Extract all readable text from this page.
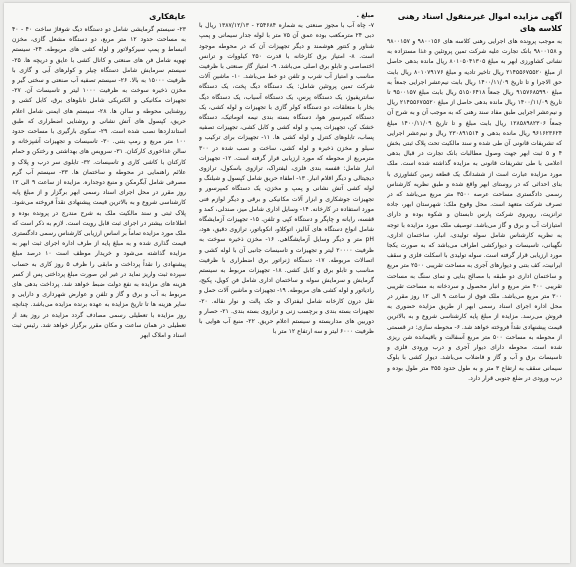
آگهی مزایده اموال غیرمنقول اسناد رهنی کلاسه های

به موجب پرونده های اجرایی رهنی کلاسه های ۹۸۰۰۱۵۶ و ۹۸۰۰۱۵۷ و ۹۸۰۰۱۵۸ بانک تجارت علیه شرکت تمین پروتئین و غذا مستزاده به نشانی کشاورزی ابهر به مبلغ ۸۰۱۰۵۰۴۱۳۰۵ ریال مانده بدهی حاصل از مبلغ ۲۱۴۵۵۶۷۵۵۲۰ ریال تاخیر تادیه و مبلغ ۸۰۱۰۷۹۱۷۶ ریال بابت حق الاجرا و تا تاریخ ۱۴۰۰/۱۱/۰۹ ریال بابت نیم‌عشر اجرایی جمعاً به مبلغ ۹۱۵۷۶۸۵۹۹۰ ریال جمعاً ۵۱۵۰۶۴۱۸ ریال بابت مبلغ ۹۵۰۰۱۵۷ تا تاریخ ۱۴۰۰/۱۱/۰۹ ریال مانده بدهی حاصل از مبلغ ۲۱۴۵۵۶۷۵۵۲۰ ریال و نیم‌عشر اجرایی طبق مفاد سند رهنی که به موجب آن و به شرح آن جمعاً ۱۲۸۵۸۹۸۲۳۰۶ ریال بابت مبلغ و تا تاریخ ۱۴۰۰/۱۱/۰۹ مبلغ ۹۶۱۶۲۳۶۲۴ ریال مانده بدهی و ۲۳۰۸۹۱۵۱۴ ریال و نیم‌عشر اجرایی که تشریفات قانونی آن طی شده و سند مالکیت تحت پلاک ثبتی بخش ۴ و ۵ ثبت ابهر جهت وصول مطالبات بانک تجارت در قبال بدهی اعلامی با طی تشریفات قانونی به مزایده گذاشته شده است. ملک مورد مزایده عبارت است از ششدانگ یک قطعه زمین کشاورزی با بنای احداثی که در روستای ابهر واقع شده و طبق نظریه کارشناس رسمی دادگستری مساحت عرصه ۳۵۰۰ متر مربع می‌باشد که در تصرف شرکت متعهد است. محل وقوع ملک: شهرستان ابهر، جاده ترانزیت، روبروی شرکت پارس تابستان و شکوه بوده و دارای امتیازات آب و برق و گاز می‌باشد. توصیف ملک مورد مزایده با توجه به نظریه کارشناس شامل سوله تولیدی، انبار، ساختمان اداری، نگهبانی، تاسیسات و دیوارکشی اطراف می‌باشد که به صورت یکجا مورد ارزیابی قرار گرفته است. سوله تولیدی با اسکلت فلزی و سقف ایرانیت، کف بتنی و دیوارهای آجری به مساحت تقریبی ۲۵۰۰ متر مربع و ساختمان اداری دو طبقه با مصالح بنایی و نمای سنگ به مساحت تقریبی ۴۰۰ متر مربع و انبار محصول و سردخانه به مساحت تقریبی ۳۰۰ متر مربع می‌باشد. ملک فوق از ساعت ۹ الی ۱۲ روز مقرر در محل اداره اجرای اسناد رسمی ابهر از طریق مزایده حضوری به فروش می‌رسد. مزایده از مبلغ پایه کارشناسی شروع و به بالاترین قیمت پیشنهادی نقداً فروخته خواهد شد. ۶- محوطه سازی: در قسمتی از محوطه به مساحت ۵۰۰ متر مربع آسفالت و باقیمانده شن ریزی شده است. محوطه دارای دیوار آجری و درب ورودی فلزی و تاسیسات برق و آب و گاز و فاضلاب می‌باشد. دیوار کشی با بلوک سیمانی سقف به ارتفاع ۳ متر و به طول حدود ۳۵۵ متر طول بوده و درب ورودی در ضلع جنوبی قرار دارد.

مبلغ .

۷- چاه آب با مجوز صنعتی به شماره ۲۵۴۶۸۴ - ۱۳۸۷/۱۲/۱۳ ریال با دبی ۲۴ مترمکعب بوده عمق آن ۷۵ متر با لوله جدار سیمانی و پمپ شناور و کنتور هوشمند و دیگر تجهیزات آن که در محوطه موجود است. ۸- امتیاز برق کارخانه با قدرت ۲۵۰ کیلووات و ترانس اختصاصی و تابلو برق اصلی می‌باشد. ۹- امتیاز گاز صنعتی با ظرفیت مناسب و امتیاز آب شرب و تلفن دو خط می‌باشد. ۱۰- ماشین آلات شرکت تمین پروتئین شامل: یک دستگاه دیگ پخت، یک دستگاه سانتریفیوژ، یک دستگاه پرس، یک دستگاه آسیاب، یک دستگاه دیگ بخار با متعلقات، دو دستگاه کولر گازی با تجهیزات و لوله کشی، یک دستگاه کمپرسور هوا، دستگاه بسته بندی نیمه اتوماتیک، دستگاه خشک کن، تجهیزات پمپ و لوله کشی و کابل کشی، تجهیزات تصفیه پساب، تابلوهای کنترل و لوله کشی ها. ۱۱- تجهیزات برای ترکیب و سیلو و مخزن ذخیره و لوله کشی، ساخت و نصب شده در ۳۰۰ مترمربع از محوطه که مورد ارزیابی قرار گرفته است. ۱۲- تجهیزات انبار شامل: قفسه بندی فلزی، لیفتراک، ترازوی باسکول، ترازوی دیجیتالی و دیگر اقلام انبار. ۱۳- اطفاء حریق شامل کپسول و شیلنگ و لوله کشی آتش نشانی و پمپ و مخزن، یک دستگاه کمپرسور و تجهیزات جوشکاری و ابزار آلات مکانیکی و برقی و دیگر لوازم فنی مورد استفاده در کارخانه. ۱۴- وسایل اداری شامل میز، صندلی، کمد و قفسه، رایانه و چاپگر و دستگاه کپی و تلفن. ۱۵- تجهیزات آزمایشگاه شامل انواع دستگاه های آنالیز، اتوکلاو، انکوباتور، ترازوی دقیق، هود، pH متر و دیگر وسایل آزمایشگاهی. ۱۶- مخزن ذخیره سوخت به ظرفیت ۲۰۰۰۰ لیتر و تجهیزات و تاسیسات جانبی آن با لوله کشی و اتصالات مربوطه. ۱۷- دستگاه ژنراتور برق اضطراری با ظرفیت مناسب و تابلو برق و کابل کشی. ۱۸- تجهیزات مربوط به سیستم گرمایش و سرمایش سوله و ساختمان اداری شامل فن کویل، پکیج، رادیاتور و لوله کشی های مربوطه. ۱۹- تجهیزات و ماشین آلات حمل و نقل درون کارخانه شامل لیفتراک و جک پالت و نوار نقاله. ۲۰- تجهیزات بسته بندی و برچسب زنی و ترازوی بسته بندی. ۲۱- حصار و دوربین های مداربسته و سیستم اعلام حریق. ۲۲- منبع آب هوایی با ظرفیت ۶۰۰۰ لیتر و سه ارتفاع ۱۲ متر با

عایقکاری

۲۳- سیستم گرمایشی شامل دو دستگاه دیگ شوفاژ ساخت ۴۰ - ۴۰ به مساحت حدود ۱۲ متر مربع، دو دستگاه مشعل گازی، مخزن انبساط و پمپ سیرکولاتور و لوله کشی های مربوطه. ۲۴- سیستم تهویه شامل فن های صنعتی و کانال کشی با عایق و دریچه ها. ۲۵- سیستم سرمایش شامل دستگاه چیلر و کولرهای آبی و گازی با ظرفیت ۱۵۰۰۰ به بالا. ۲۶- سیستم تصفیه آب صنعتی و سختی گیر و مخزن ذخیره سوخت به ظرفیت ۱۰۰۰ لیتر و تاسیسات آن. ۲۷- تجهیزات مکانیکی و الکتریکی شامل تابلوهای برق، کابل کشی و روشنایی محوطه و سالن ها. ۲۸- سیستم های ایمنی شامل اعلام حریق، کپسول های آتش نشانی و روشنایی اضطراری که طبق استانداردها نصب شده است. ۲۹- سکوی بارگیری با مساحت حدود ۱۰۰ متر مربع و رمپ بتنی. ۳۰- تاسیسات و تجهیزات آشپزخانه و سالن غذاخوری کارکنان. ۳۱- سرویس های بهداشتی و رختکن و حمام کارکنان با کاشی کاری و تاسیسات. ۳۲- تابلوی سر درب و پلاک و علائم راهنمایی در محوطه و ساختمان ها. ۳۳- سیستم آب گرم مصرفی شامل آبگرمکن و منبع دوجداره. مزایده از ساعت ۹ الی ۱۲ روز مقرر در محل اجرای اسناد رسمی ابهر برگزار و از مبلغ پایه کارشناسی شروع و به بالاترین قیمت پیشنهادی نقداً فروخته می‌شود. پلاک ثبتی و سند مالکیت ملک به شرح مندرج در پرونده بوده و اطلاعات بیشتر در اجرای ثبت قابل رویت است. لازم به ذکر است که ملک مورد مزایده تماماً بر اساس ارزیابی کارشناس رسمی دادگستری قیمت گذاری شده و به مبلغ پایه از طرف اداره اجرای ثبت ابهر به مزایده گذاشته می‌شود و خریدار موظف است ۱۰ درصد مبلغ پیشنهادی را نقداً پرداخت و مابقی را ظرف ۵ روز کاری به حساب سپرده ثبت واریز نماید در غیر این صورت مبلغ پرداختی پس از کسر هزینه های مزایده به نفع دولت ضبط خواهد شد. پرداخت بدهی های مربوط به آب و برق و گاز و تلفن و عوارض شهرداری و دارایی و سایر هزینه ها تا تاریخ مزایده به عهده برنده مزایده می‌باشد. چنانچه روز مزایده با تعطیلی رسمی مصادف گردد مزایده در روز بعد از تعطیلی در همان ساعت و مکان مقرر برگزار خواهد شد. رئیس ثبت اسناد و املاک ابهر
